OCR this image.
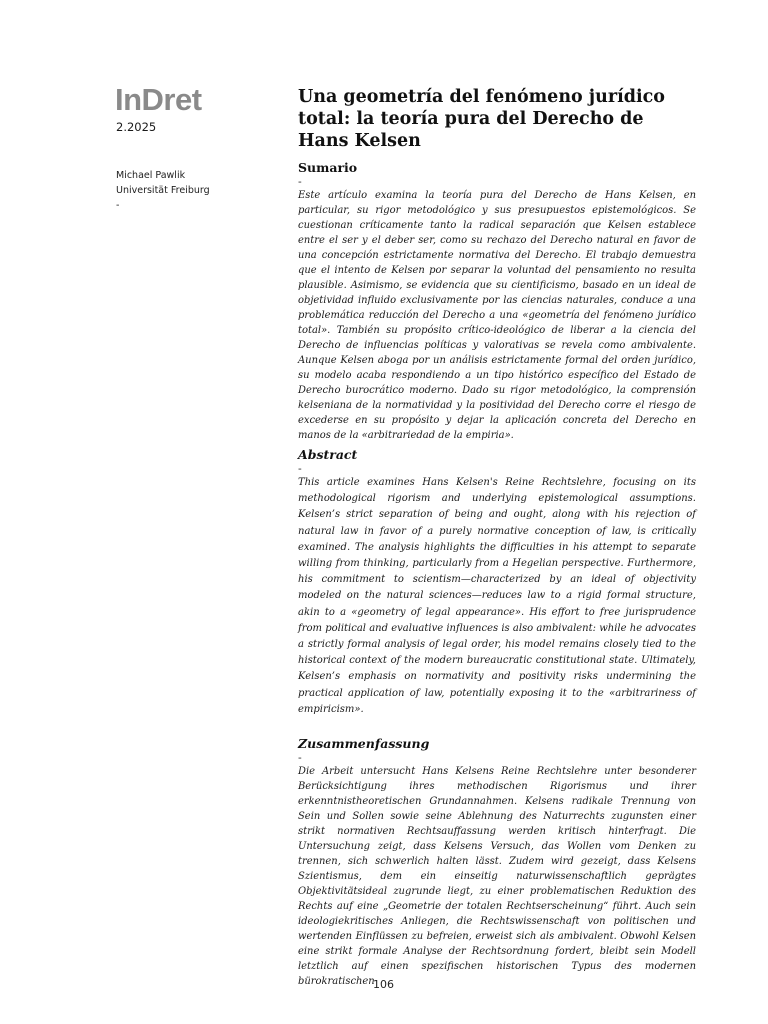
InDret
2.2025
Michael Pawlik
Universität Freiburg
-
Una geometría del fenómeno jurídico total: la teoría pura del Derecho de Hans Kelsen
Sumario
-

Este artículo examina la teoría pura del Derecho de Hans Kelsen, en particular, su rigor metodológico y sus presupuestos epistemológicos. Se cuestionan críticamente tanto la radical separación que Kelsen establece entre el ser y el deber ser, como su rechazo del Derecho natural en favor de una concepción estrictamente normativa del Derecho. El trabajo demuestra que el intento de Kelsen por separar la voluntad del pensamiento no resulta plausible. Asimismo, se evidencia que su cientificismo, basado en un ideal de objetividad influido exclusivamente por las ciencias naturales, conduce a una problemática reducción del Derecho a una «geometría del fenómeno jurídico total». También su propósito crítico-ideológico de liberar a la ciencia del Derecho de influencias políticas y valorativas se revela como ambivalente. Aunque Kelsen aboga por un análisis estrictamente formal del orden jurídico, su modelo acaba respondiendo a un tipo histórico específico del Estado de Derecho burocrático moderno. Dado su rigor metodológico, la comprensión kelseniana de la normatividad y la positividad del Derecho corre el riesgo de excederse en su propósito y dejar la aplicación concreta del Derecho en manos de la «arbitrariedad de la empiria».

Abstract
-

This article examines Hans Kelsen's Reine Rechtslehre, focusing on its methodological rigorism and underlying epistemological assumptions. Kelsen’s strict separation of being and ought, along with his rejection of natural law in favor of a purely normative conception of law, is critically examined. The analysis highlights the difficulties in his attempt to separate willing from thinking, particularly from a Hegelian perspective. Furthermore, his commitment to scientism—characterized by an ideal of objectivity modeled on the natural sciences—reduces law to a rigid formal structure, akin to a «geometry of legal appearance». His effort to free jurisprudence from political and evaluative influences is also ambivalent: while he advocates a strictly formal analysis of legal order, his model remains closely tied to the historical context of the modern bureaucratic constitutional state. Ultimately, Kelsen’s emphasis on normativity and positivity risks undermining the practical application of law, potentially exposing it to the «arbitrariness of empiricism».

Zusammenfassung
-

Die Arbeit untersucht Hans Kelsens Reine Rechtslehre unter besonderer Berücksichtigung ihres methodischen Rigorismus und ihrer erkenntnistheoretischen Grundannahmen. Kelsens radikale Trennung von Sein und Sollen sowie seine Ablehnung des Naturrechts zugunsten einer strikt normativen Rechtsauffassung werden kritisch hinterfragt. Die Untersuchung zeigt, dass Kelsens Versuch, das Wollen vom Denken zu trennen, sich schwerlich halten lässt. Zudem wird gezeigt, dass Kelsens Szientismus, dem ein einseitig naturwissenschaftlich geprägtes Objektivitätsideal zugrunde liegt, zu einer problematischen Reduktion des Rechts auf eine „Geometrie der totalen Rechtserscheinung“ führt. Auch sein ideologiekritisches Anliegen, die Rechtswissenschaft von politischen und wertenden Einflüssen zu befreien, erweist sich als ambivalent. Obwohl Kelsen eine strikt formale Analyse der Rechtsordnung fordert, bleibt sein Modell letztlich auf einen spezifischen historischen Typus des modernen bürokratischen

106
